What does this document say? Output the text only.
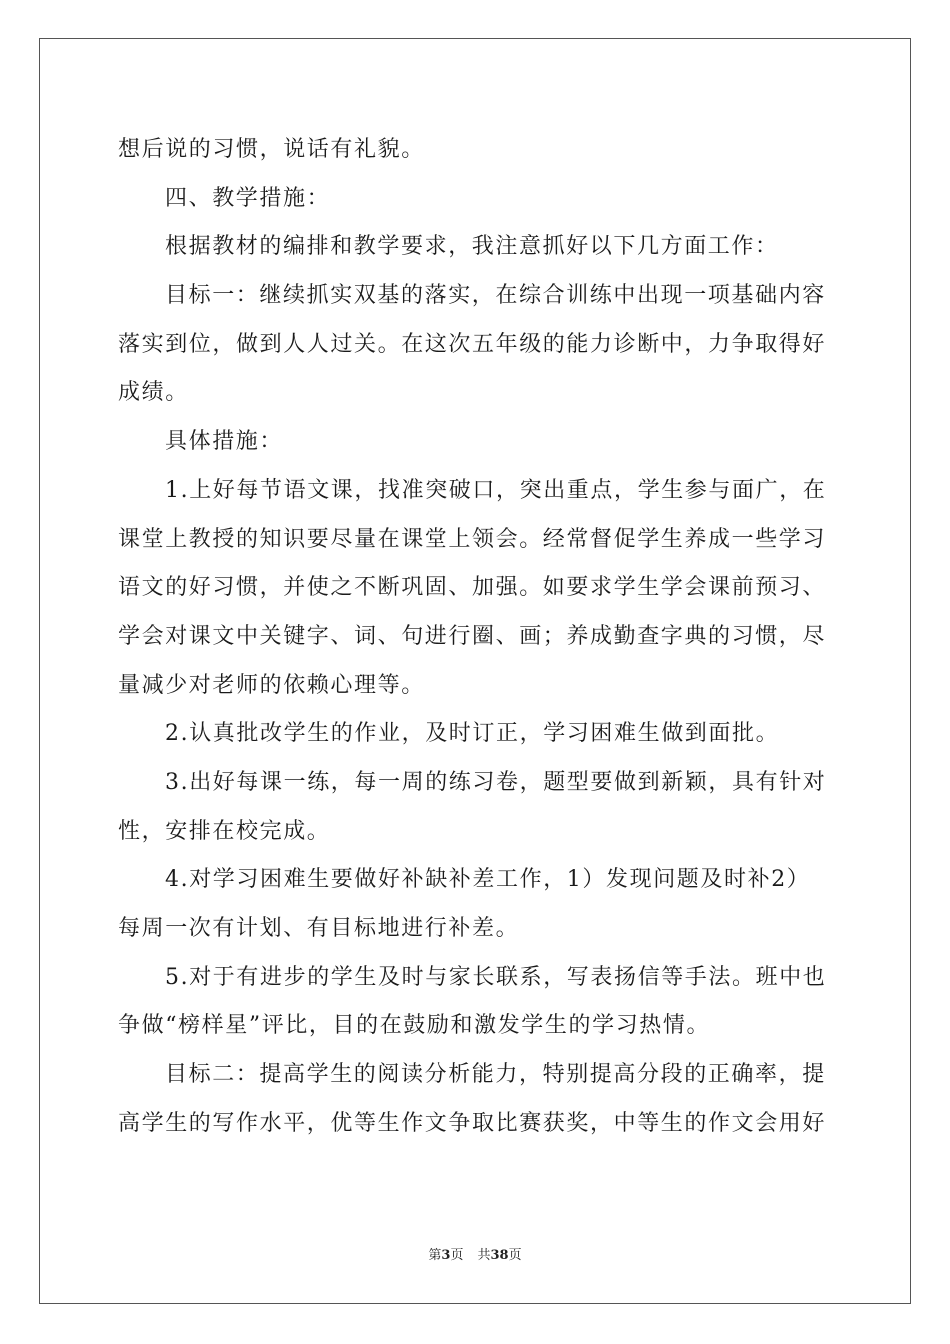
想后说的习惯，说话有礼貌。
四、教学措施：
根据教材的编排和教学要求，我注意抓好以下几方面工作：
目标一：继续抓实双基的落实，在综合训练中出现一项基础内容
落实到位，做到人人过关。在这次五年级的能力诊断中，力争取得好
成绩。
具体措施：
1.上好每节语文课，找准突破口，突出重点，学生参与面广，在
课堂上教授的知识要尽量在课堂上领会。经常督促学生养成一些学习
语文的好习惯，并使之不断巩固、加强。如要求学生学会课前预习、
学会对课文中关键字、词、句进行圈、画；养成勤查字典的习惯，尽
量减少对老师的依赖心理等。
2.认真批改学生的作业，及时订正，学习困难生做到面批。
3.出好每课一练，每一周的练习卷，题型要做到新颖，具有针对
性，安排在校完成。
4.对学习困难生要做好补缺补差工作，1）发现问题及时补2）
每周一次有计划、有目标地进行补差。
5.对于有进步的学生及时与家长联系，写表扬信等手法。班中也
争做“榜样星”评比，目的在鼓励和激发学生的学习热情。
目标二：提高学生的阅读分析能力，特别提高分段的正确率，提
高学生的写作水平，优等生作文争取比赛获奖，中等生的作文会用好
第3页 共38页
